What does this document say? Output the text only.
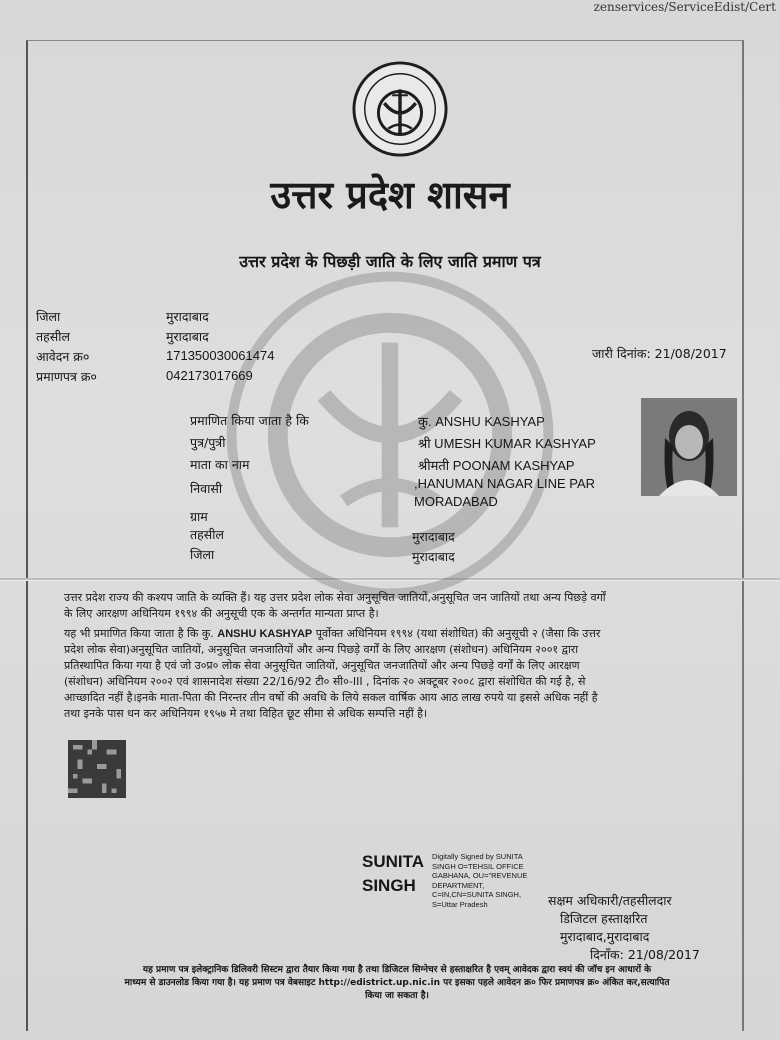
zenservices/ServiceEdist/Cert
उत्तर प्रदेश शासन
उत्तर प्रदेश के पिछड़ी जाति के लिए जाति प्रमाण पत्र
जिला	मुरादाबाद
तहसील	मुरादाबाद
आवेदन क्र०	171350030061474
प्रमाणपत्र क्र०	042173017669
जारी दिनांक: 21/08/2017
प्रमाणित किया जाता है कि	कु. ANSHU KASHYAP
पुत्र/पुत्री	श्री UMESH KUMAR KASHYAP
माता का नाम	श्रीमती POONAM KASHYAP
निवासी	,HANUMAN NAGAR LINE PAR
MORADABAD
ग्राम
तहसील	मुरादाबाद
जिला	मुरादाबाद
उत्तर प्रदेश राज्य की कश्यप जाति के व्यक्ति हैं। यह उत्तर प्रदेश लोक सेवा अनुसूचित जातियों,अनुसूचित जन जातियों तथा अन्य पिछड़े वर्गों
के लिए आरक्षण अधिनियम १९९४ की अनुसूची एक के अन्तर्गत मान्यता प्राप्त है।
यह भी प्रमाणित किया जाता है कि कु. ANSHU KASHYAP पूर्वोक्त अधिनियम १९९४ (यथा संशोधित) की अनुसूची २ (जैसा कि उत्तर
प्रदेश लोक सेवा)अनुसूचित जातियों, अनुसूचित जनजातियों और अन्य पिछड़े वर्गों के लिए आरक्षण (संशोधन) अधिनियम २००१ द्वारा
प्रतिस्थापित किया गया है एवं जो उ०प्र० लोक सेवा अनुसूचित जातियों, अनुसूचित जनजातियों और अन्य पिछड़े वर्गों के लिए आरक्षण
(संशोधन) अधिनियम २००२ एवं शासनादेश संख्या 22/16/92 टी० सी०-III , दिनांक २० अक्टूबर २००८ द्वारा संशोधित की गई है, से
आच्छादित नहीं है।इनके माता-पिता की निरन्तर तीन वर्षो की अवधि के लिये सकल वार्षिक आय आठ लाख रुपये या इससे अधिक नहीं है
तथा इनके पास धन कर अधिनियम १९५७ मे तथा विहित छूट सीमा से अधिक सम्पत्ति नहीं है।
SUNITA
SINGH
Digitally Signed by SUNITA SINGH O=TEHSIL OFFICE GABHANA, OU="REVENUE DEPARTMENT, C=IN,CN=SUNITA SINGH, S=Uttar Pradesh	सक्षम अधिकारी/तहसीलदार
डिजिटल हस्ताक्षरित
मुरादाबाद,मुरादाबाद
दिनाँक: 21/08/2017
यह प्रमाण पत्र इलेक्ट्रानिक डिलिवरी सिस्टम द्वारा तैयार किया गया है तथा डिजिटल सिग्नेचर से हस्ताक्षरित है एवम् आवेदक द्वारा स्वयं की जॉच इन आधारों के
माध्यम से डाउनलोड किया गया है। यह प्रमाण पत्र वेबसाइट http://edistrict.up.nic.in पर इसका पहले आवेदन क्र० फिर प्रमाणपत्र क्र० अंकित कर,सत्यापित
किया जा सकता है।
